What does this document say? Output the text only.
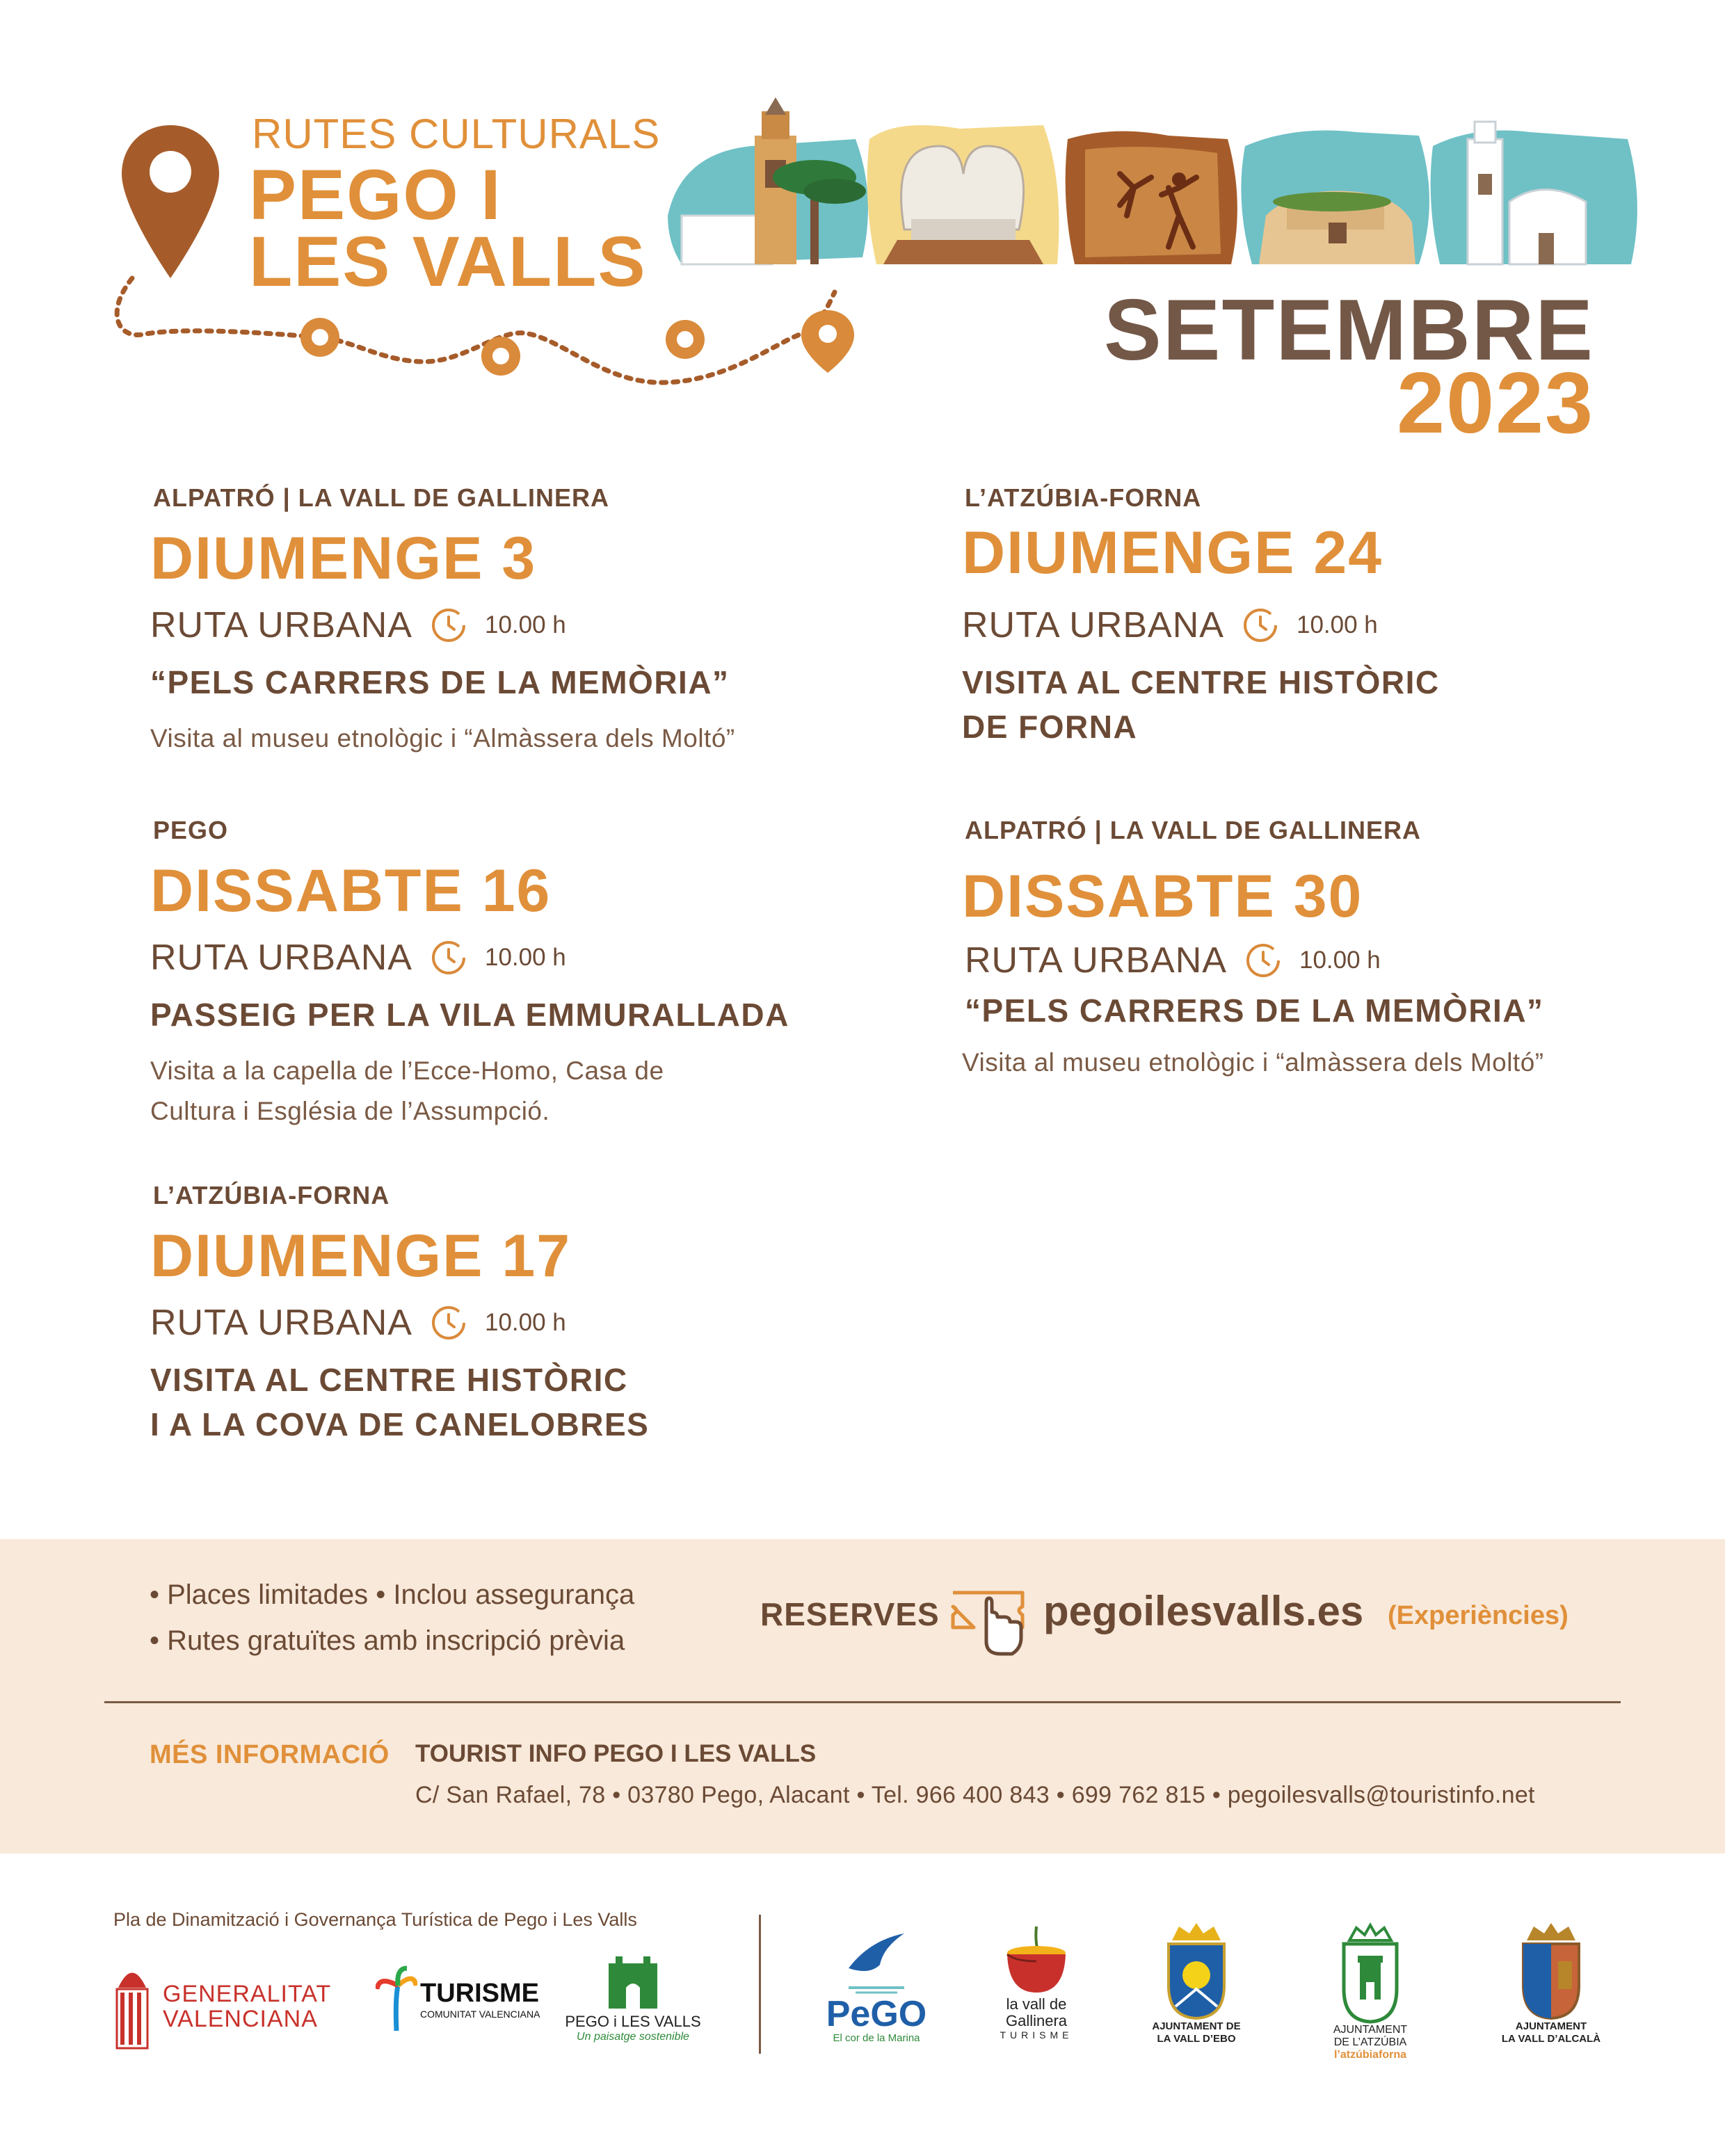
RUTES CULTURALS
PEGO I
LES VALLS
SETEMBRE
2023
ALPATRÓ | LA VALL DE GALLINERA
DIUMENGE 3
RUTA URBANA	10.00 h
“PELS CARRERS DE LA MEMÒRIA”
Visita al museu etnològic i “Almàssera dels Moltó”
PEGO
DISSABTE 16
RUTA URBANA	10.00 h
PASSEIG PER LA VILA EMMURALLADA
Visita a la capella de l’Ecce-Homo, Casa de
Cultura i Església de l’Assumpció.
L’ATZÚBIA-FORNA
DIUMENGE 17
RUTA URBANA	10.00 h
VISITA AL CENTRE HISTÒRIC
I A LA COVA DE CANELOBRES
L’ATZÚBIA-FORNA
DIUMENGE 24
RUTA URBANA	10.00 h
VISITA AL CENTRE HISTÒRIC
DE FORNA
ALPATRÓ | LA VALL DE GALLINERA
DISSABTE 30
RUTA URBANA	10.00 h
“PELS CARRERS DE LA MEMÒRIA”
Visita al museu etnològic i “almàssera dels Moltó”
• Places limitades • Inclou assegurança
• Rutes gratuïtes amb inscripció prèvia
RESERVES pegoilesvalls.es (Experiències)
MÉS INFORMACIÓ TOURIST INFO PEGO I LES VALLS
C/ San Rafael, 78 • 03780 Pego, Alacant • Tel. 966 400 843 • 699 762 815 • pegoilesvalls@touristinfo.net
Pla de Dinamització i Governança Turística de Pego i Les Valls
GENERALITAT
VALENCIANA
TURISME
COMUNITAT VALENCIANA PEGO i LES VALLS
Un paisatge sostenible
PeGO
El cor de la Marina
la vall de
Gallinera
TURISME
AJUNTAMENT DE
LA VALL D’EBO
AJUNTAMENT
DE L’ATZÚBIA
l’atzúbiaforna
AJUNTAMENT
LA VALL D’ALCALÀ
